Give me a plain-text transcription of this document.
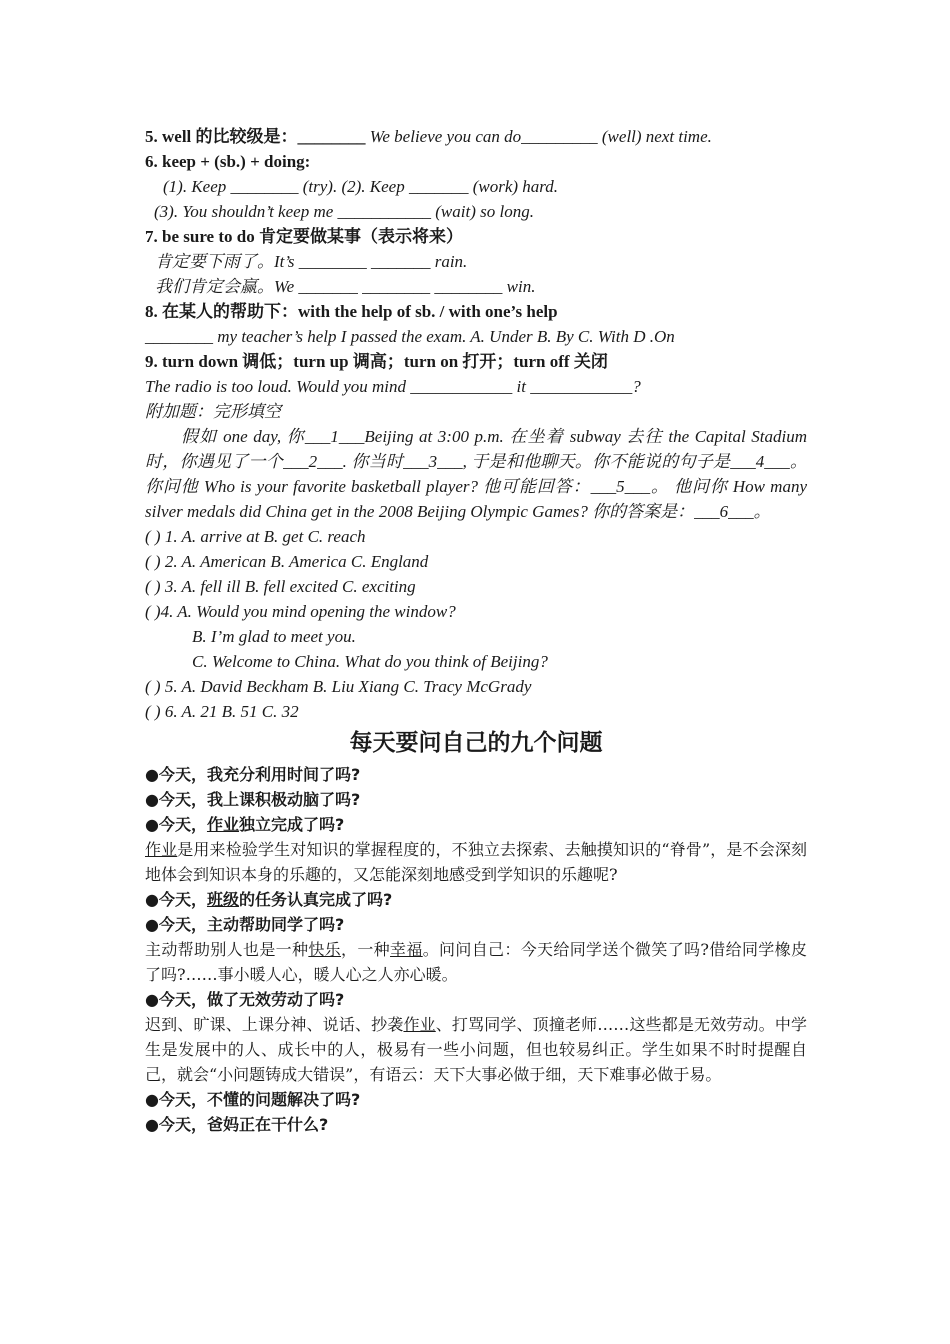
5. well 的比较级是：________ We believe you can do_________ (well) next time.
6. keep + (sb.) + doing:
(1). Keep ________ (try). (2). Keep _______ (work) hard.
(3). You shouldn’t keep me ___________ (wait) so long.
7. be sure to do 肯定要做某事（表示将来）
肯定要下雨了。It’s ________ _______ rain.
我们肯定会赢。We _______ ________ ________ win.
8. 在某人的帮助下：with the help of sb. / with one’s help
________ my teacher’s help I passed the exam. A. Under B. By C. With D .On
9. turn down 调低；turn up 调高；turn on 打开；turn off 关闭
The radio is too loud. Would you mind ____________ it ____________?
附加题：完形填空
假如 one day, 你___1___Beijing at 3:00 p.m. 在坐着 subway 去往 the Capital Stadium 时，你遇见了一个___2___. 你当时___3___, 于是和他聊天。你不能说的句子是___4___。你问他 Who is your favorite basketball player? 他可能回答：___5___。 他问你 How many silver medals did China get in the 2008 Beijing Olympic Games? 你的答案是：___6___。
( ) 1. A. arrive at B. get C. reach
( ) 2. A. American B. America C. England
( ) 3. A. fell ill B. fell excited C. exciting
( )4. A. Would you mind opening the window?
B. I’m glad to meet you.
C. Welcome to China. What do you think of Beijing?
( ) 5. A. David Beckham B. Liu Xiang C. Tracy McGrady
( ) 6. A. 21 B. 51 C. 32
每天要问自己的九个问题
●今天，我充分利用时间了吗?
●今天，我上课积极动脑了吗?
●今天，作业独立完成了吗?
作业是用来检验学生对知识的掌握程度的，不独立去探索、去触摸知识的“脊骨”，是不会深刻地体会到知识本身的乐趣的，又怎能深刻地感受到学知识的乐趣呢?
●今天，班级的任务认真完成了吗?
●今天，主动帮助同学了吗?
主动帮助别人也是一种快乐，一种幸福。问问自己：今天给同学送个微笑了吗?借给同学橡皮了吗?……事小暖人心，暖人心之人亦心暖。
●今天，做了无效劳动了吗?
迟到、旷课、上课分神、说话、抄袭作业、打骂同学、顶撞老师……这些都是无效劳动。中学生是发展中的人、成长中的人，极易有一些小问题，但也较易纠正。学生如果不时时提醒自己，就会“小问题铸成大错误”，有语云：天下大事必做于细，天下难事必做于易。
●今天，不懂的问题解决了吗?
●今天，爸妈正在干什么?
